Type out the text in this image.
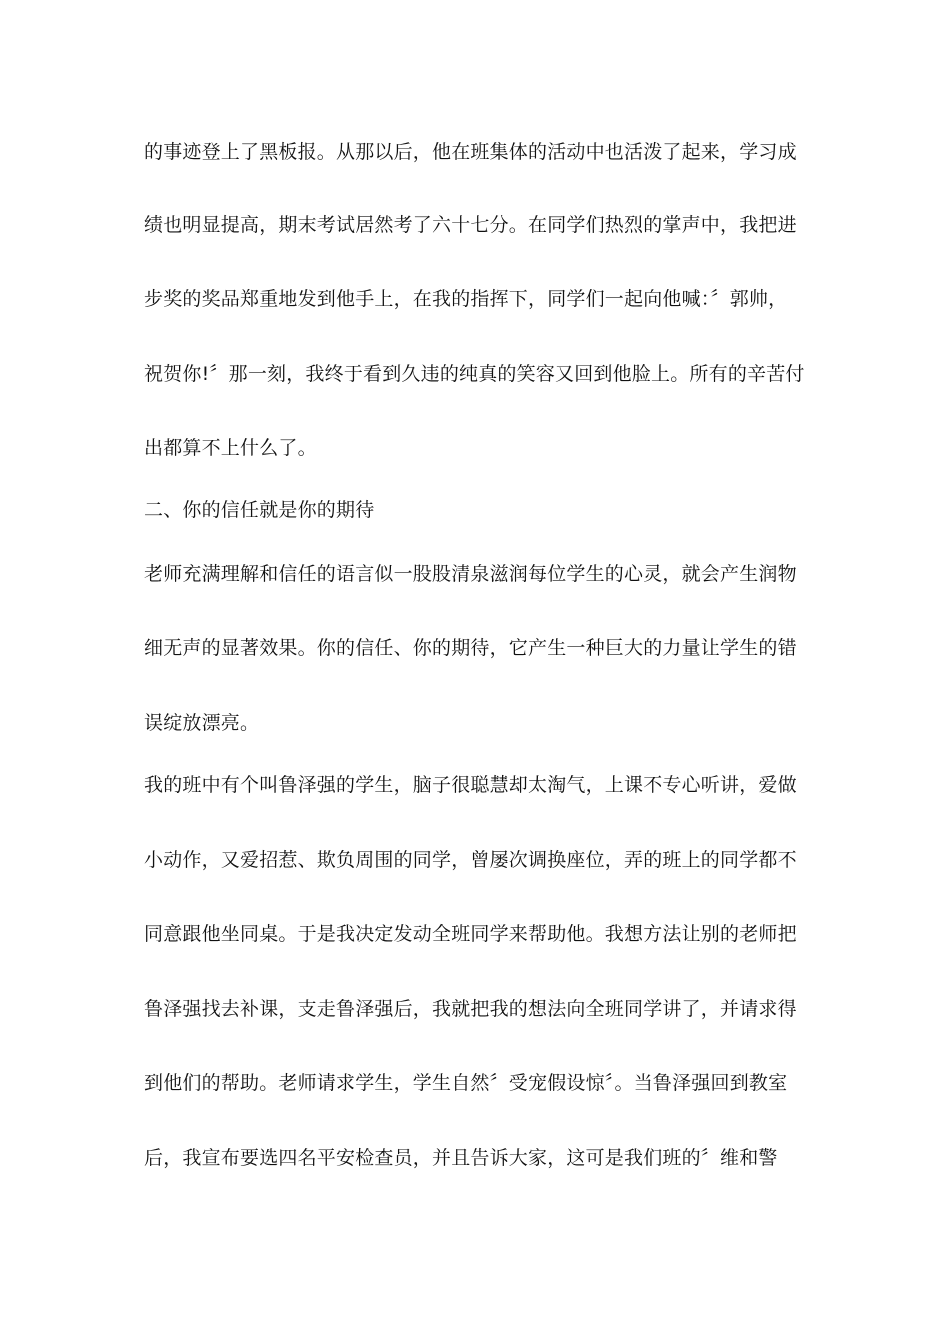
的事迹登上了黑板报。从那以后，他在班集体的活动中也活泼了起来，学习成
绩也明显提高，期末考试居然考了六十七分。在同学们热烈的掌声中，我把进
步奖的奖品郑重地发到他手上，在我的指挥下，同学们一起向他喊：〞郭帅，
祝贺你!〞那一刻，我终于看到久违的纯真的笑容又回到他脸上。所有的辛苦付
出都算不上什么了。
二、你的信任就是你的期待
老师充满理解和信任的语言似一股股清泉滋润每位学生的心灵，就会产生润物
细无声的显著效果。你的信任、你的期待，它产生一种巨大的力量让学生的错
误绽放漂亮。
我的班中有个叫鲁泽强的学生，脑子很聪慧却太淘气，上课不专心听讲，爱做
小动作，又爱招惹、欺负周围的同学，曾屡次调换座位，弄的班上的同学都不
同意跟他坐同桌。于是我决定发动全班同学来帮助他。我想方法让别的老师把
鲁泽强找去补课，支走鲁泽强后，我就把我的想法向全班同学讲了，并请求得
到他们的帮助。老师请求学生，学生自然〞受宠假设惊〞。当鲁泽强回到教室
后，我宣布要选四名平安检查员，并且告诉大家，这可是我们班的〞维和警
